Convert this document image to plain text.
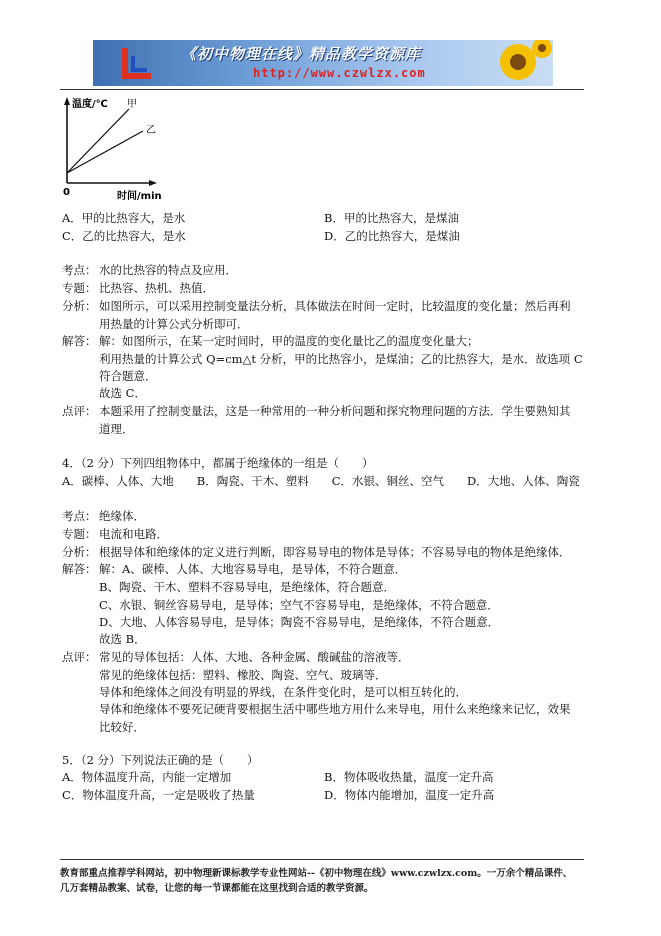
《初中物理在线》精品教学资源库
http://www.czwlzx.com
温度/℃ 甲
乙
0	时间/min
A．甲的比热容大，是水	B．甲的比热容大，是煤油
C．乙的比热容大，是水	D．乙的比热容大，是煤油
考点： 水的比热容的特点及应用．
专题： 比热容、热机、热值．
分析： 如图所示，可以采用控制变量法分析，具体做法在时间一定时，比较温度的变化量；然后再利
用热量的计算公式分析即可．
解答： 解：如图所示，在某一定时间时，甲的温度的变化量比乙的温度变化量大；
利用热量的计算公式 Q=cm△t 分析，甲的比热容小，是煤油；乙的比热容大，是水．故选项 C
符合题意．
故选 C．
点评： 本题采用了控制变量法，这是一种常用的一种分析问题和探究物理问题的方法．学生要熟知其
道理．
4．（2 分）下列四组物体中，都属于绝缘体的一组是（　　）
A．碳棒、人体、大地　　B．陶瓷、干木、塑料　　C．水银、铜丝、空气　　D．大地、人体、陶瓷
考点： 绝缘体．
专题： 电流和电路．
分析： 根据导体和绝缘体的定义进行判断，即容易导电的物体是导体；不容易导电的物体是绝缘体．
解答： 解：A、碳棒、人体、大地容易导电，是导体，不符合题意．
B、陶瓷、干木、塑料不容易导电，是绝缘体，符合题意．
C、水银、铜丝容易导电，是导体；空气不容易导电，是绝缘体，不符合题意．
D、大地、人体容易导电，是导体；陶瓷不容易导电，是绝缘体，不符合题意．
故选 B．
点评： 常见的导体包括：人体、大地、各种金属、酸碱盐的溶液等．
常见的绝缘体包括：塑料、橡胶、陶瓷、空气、玻璃等．
导体和绝缘体之间没有明显的界线，在条件变化时，是可以相互转化的．
导体和绝缘体不要死记硬背要根据生活中哪些地方用什么来导电，用什么来绝缘来记忆，效果
比较好．
5．（2 分）下列说法正确的是（　　）
A．物体温度升高，内能一定增加	B．物体吸收热量，温度一定升高
C．物体温度升高，一定是吸收了热量	D．物体内能增加，温度一定升高
教育部重点推荐学科网站，初中物理新课标教学专业性网站--《初中物理在线》www.czwlzx.com。一万余个精品课件、
几万套精品教案、试卷，让您的每一节课都能在这里找到合适的教学资源。
